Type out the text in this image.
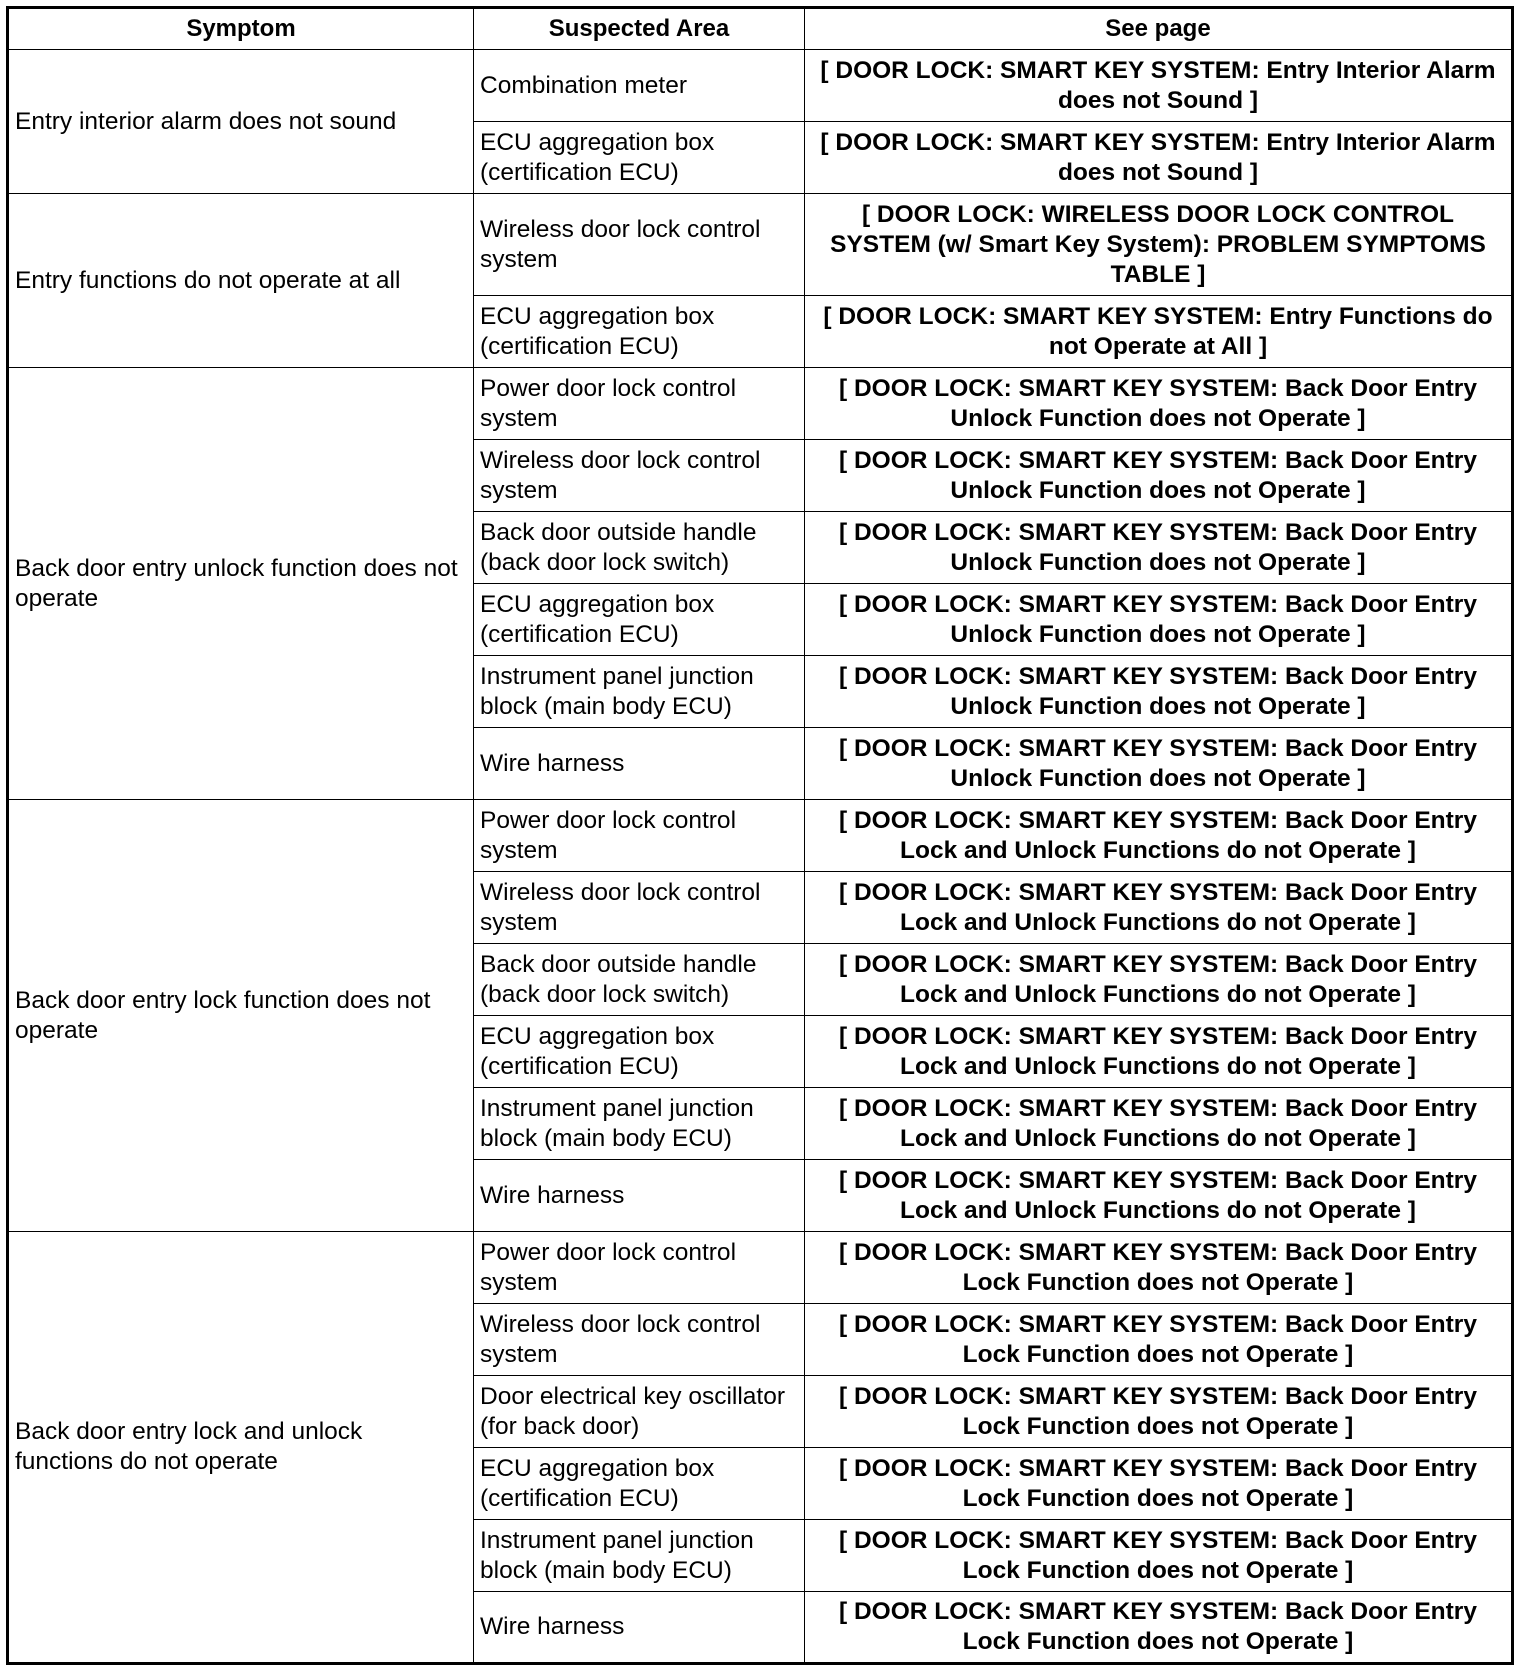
Symptom	Suspected Area	See page
Entry interior alarm does not sound	Combination meter	[ DOOR LOCK: SMART KEY SYSTEM: Entry Interior Alarm does not Sound ]
	ECU aggregation box (certification ECU)	[ DOOR LOCK: SMART KEY SYSTEM: Entry Interior Alarm does not Sound ]
Entry functions do not operate at all	Wireless door lock control system	[ DOOR LOCK: WIRELESS DOOR LOCK CONTROL SYSTEM (w/ Smart Key System): PROBLEM SYMPTOMS TABLE ]
	ECU aggregation box (certification ECU)	[ DOOR LOCK: SMART KEY SYSTEM: Entry Functions do not Operate at All ]
Back door entry unlock function does not operate	Power door lock control system	[ DOOR LOCK: SMART KEY SYSTEM: Back Door Entry Unlock Function does not Operate ]
	Wireless door lock control system	[ DOOR LOCK: SMART KEY SYSTEM: Back Door Entry Unlock Function does not Operate ]
	Back door outside handle (back door lock switch)	[ DOOR LOCK: SMART KEY SYSTEM: Back Door Entry Unlock Function does not Operate ]
	ECU aggregation box (certification ECU)	[ DOOR LOCK: SMART KEY SYSTEM: Back Door Entry Unlock Function does not Operate ]
	Instrument panel junction block (main body ECU)	[ DOOR LOCK: SMART KEY SYSTEM: Back Door Entry Unlock Function does not Operate ]
	Wire harness	[ DOOR LOCK: SMART KEY SYSTEM: Back Door Entry Unlock Function does not Operate ]
Back door entry lock function does not operate	Power door lock control system	[ DOOR LOCK: SMART KEY SYSTEM: Back Door Entry Lock and Unlock Functions do not Operate ]
	Wireless door lock control system	[ DOOR LOCK: SMART KEY SYSTEM: Back Door Entry Lock and Unlock Functions do not Operate ]
	Back door outside handle (back door lock switch)	[ DOOR LOCK: SMART KEY SYSTEM: Back Door Entry Lock and Unlock Functions do not Operate ]
	ECU aggregation box (certification ECU)	[ DOOR LOCK: SMART KEY SYSTEM: Back Door Entry Lock and Unlock Functions do not Operate ]
	Instrument panel junction block (main body ECU)	[ DOOR LOCK: SMART KEY SYSTEM: Back Door Entry Lock and Unlock Functions do not Operate ]
	Wire harness	[ DOOR LOCK: SMART KEY SYSTEM: Back Door Entry Lock and Unlock Functions do not Operate ]
Back door entry lock and unlock functions do not operate	Power door lock control system	[ DOOR LOCK: SMART KEY SYSTEM: Back Door Entry Lock Function does not Operate ]
	Wireless door lock control system	[ DOOR LOCK: SMART KEY SYSTEM: Back Door Entry Lock Function does not Operate ]
	Door electrical key oscillator (for back door)	[ DOOR LOCK: SMART KEY SYSTEM: Back Door Entry Lock Function does not Operate ]
	ECU aggregation box (certification ECU)	[ DOOR LOCK: SMART KEY SYSTEM: Back Door Entry Lock Function does not Operate ]
	Instrument panel junction block (main body ECU)	[ DOOR LOCK: SMART KEY SYSTEM: Back Door Entry Lock Function does not Operate ]
	Wire harness	[ DOOR LOCK: SMART KEY SYSTEM: Back Door Entry Lock Function does not Operate ]
